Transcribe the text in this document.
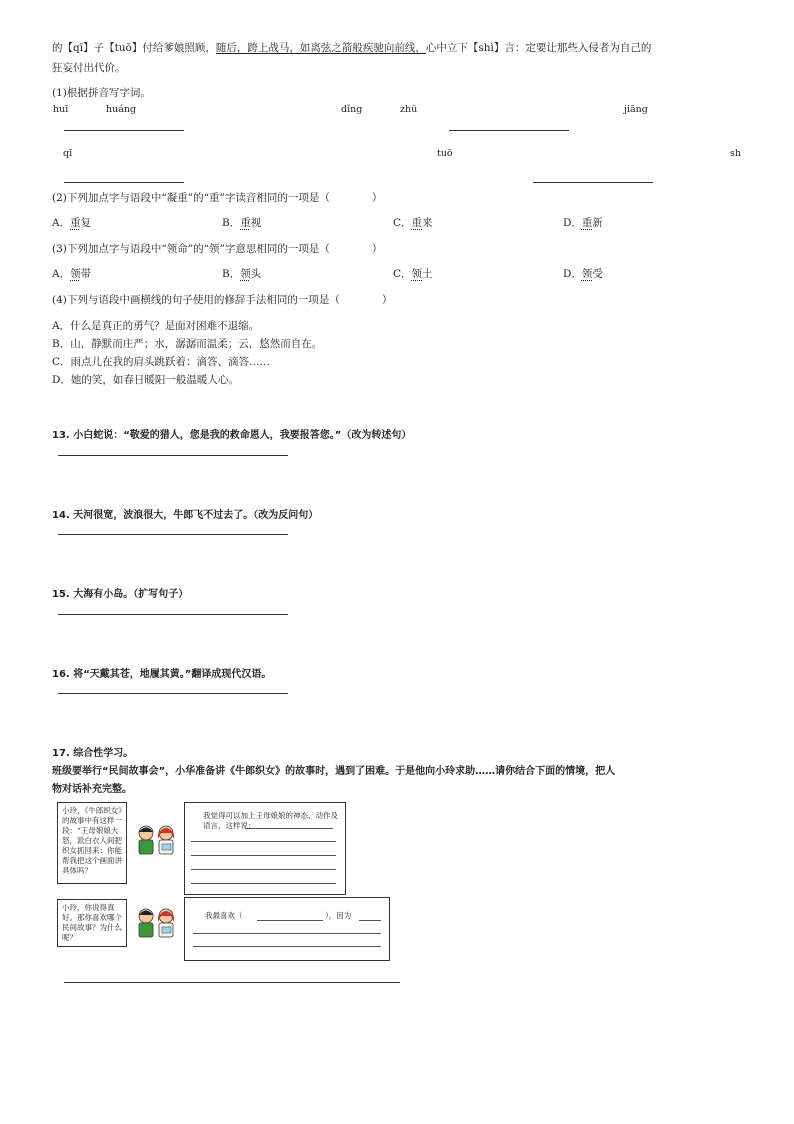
的【qī】子【tuō】付给爹娘照顾，随后，跨上战马，如离弦之箭般疾驰向前线，心中立下【shì】言：定要让那些入侵者为自己的
狂妄付出代价。
(1)根据拼音写字词。
huī	huáng	dǐng	zhū	jiāng
qī	tuō	sh
(2)下列加点字与语段中“凝重”的“重”字读音相同的一项是（　　　　）
A．重复	B．重视	C．重来	D．重新
(3)下列加点字与语段中“领命”的“领”字意思相同的一项是（　　　　）
A．领带	B．领头	C．领土	D．领受
(4)下列与语段中画横线的句子使用的修辞手法相同的一项是（　　　　）
A．什么是真正的勇气？是面对困难不退缩。
B．山，静默而庄严；水，潺潺而温柔；云，悠然而自在。
C．雨点儿在我的肩头跳跃着：滴答、滴答……
D．她的笑，如春日暖阳一般温暖人心。
13. 小白蛇说：“敬爱的猎人，您是我的救命恩人，我要报答您。”（改为转述句）
14. 天河很宽，波浪很大，牛郎飞不过去了。（改为反问句）
15. 大海有小岛。（扩写句子）
16. 将“天戴其苍，地履其黄。”翻译成现代汉语。
17. 综合性学习。
班级要举行“民间故事会”，小华准备讲《牛郎织女》的故事时，遇到了困难。于是他向小玲求助……请你结合下面的情境，把人
物对话补充完整。
小玲，《牛郎织女》的故事中有这样一段：“王母娘娘大怒，派白衣人间把织女抓回来：你能帮我把这个画面讲具体吗？
我觉得可以加上王母娘娘的神态、动作及语言，这样说：
小玲，你说得真好。那你喜欢哪个民间故事？为什么呢？
我最喜欢（	），因为
